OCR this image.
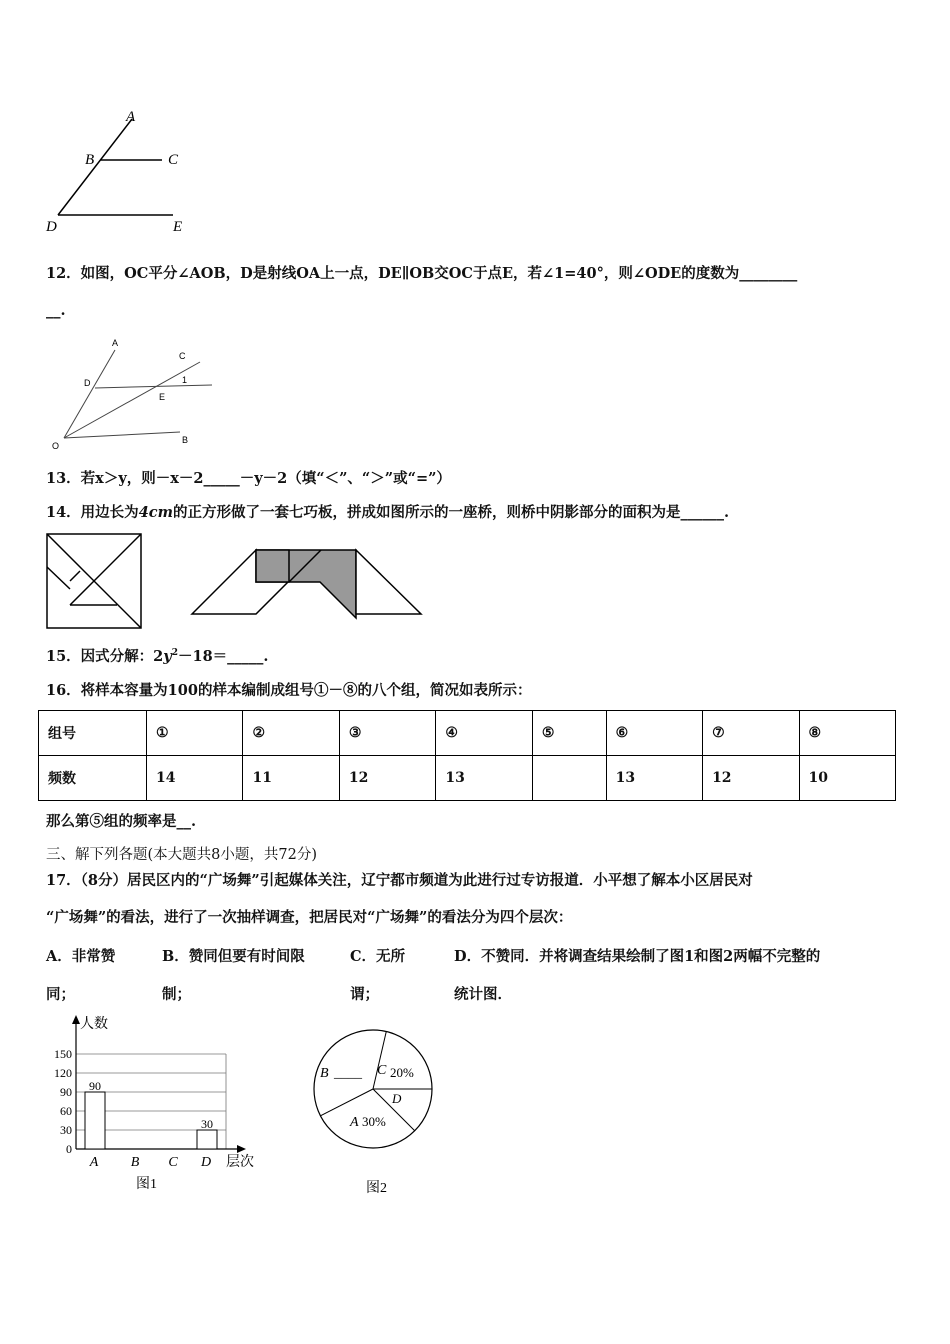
A
B	C
D	E
12．如图，OC平分∠AOB，D是射线OA上一点，DE∥OB交OC于点E，若∠1=40°，则∠ODE的度数为________
__.
A
C
D	1
E
O
B
13．若x＞y，则－x－2_____－y－2（填“＜”、“＞”或“=”）
14．用边长为4cm的正方形做了一套七巧板，拼成如图所示的一座桥，则桥中阴影部分的面积为是______.
15．因式分解：$2y^2-18=\_\_\_\_\_$.
16．将样本容量为100的样本编制成组号①－⑧的八个组，简况如表所示：
组号	①	②	③	④	⑤	⑥	⑦	⑧
频数	14	11	12	13		13	12	10
那么第⑤组的频率是__.
三、解下列各题(本大题共8小题，共72分)
17．（8分）居民区内的“广场舞”引起媒体关注，辽宁都市频道为此进行过专访报道．小平想了解本小区居民对
“广场舞”的看法，进行了一次抽样调查，把居民对“广场舞”的看法分为四个层次：
A．非常赞
同；
B．赞同但要有时间限
制；
C．无所
谓；
D．不赞同．并将调查结果绘制了图1和图2两幅不完整的
统计图．
人数
层次
0
30
60
90
120
150
90
30
A B C D
图1
B ____ C 20%
D
A 30%
图2
